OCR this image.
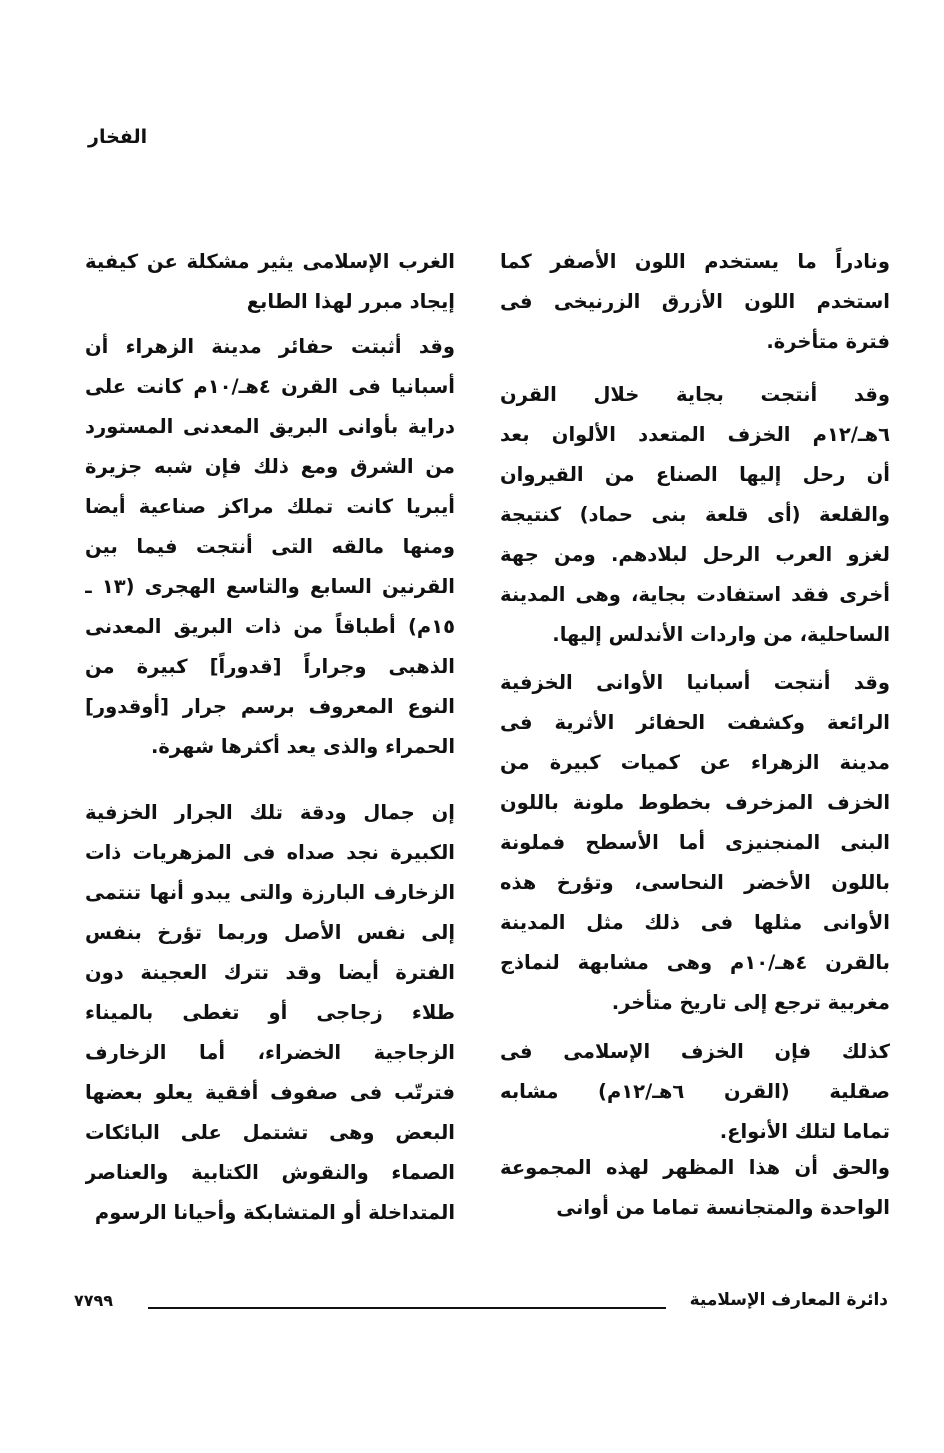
الفخار
ونادراً ما يستخدم اللون الأصفر كما
استخدم اللون الأزرق الزرنيخى فى
فترة متأخرة.
وقد أنتجت بجاية خلال القرن
٦هـ/١٢م الخزف المتعدد الألوان بعد
أن رحل إليها الصناع من القيروان
والقلعة (أى قلعة بنى حماد) كنتيجة
لغزو العرب الرحل لبلادهم. ومن جهة
أخرى فقد استفادت بجاية، وهى المدينة
الساحلية، من واردات الأندلس إليها.
وقد أنتجت أسبانيا الأوانى الخزفية
الرائعة وكشفت الحفائر الأثرية فى
مدينة الزهراء عن كميات كبيرة من
الخزف المزخرف بخطوط ملونة باللون
البنى المنجنيزى أما الأسطح فملونة
باللون الأخضر النحاسى، وتؤرخ هذه
الأوانى مثلها فى ذلك مثل المدينة
بالقرن ٤هـ/١٠م وهى مشابهة لنماذج
مغربية ترجع إلى تاريخ متأخر.
كذلك فإن الخزف الإسلامى فى
صقلية (القرن ٦هـ/١٢م) مشابه
تماما لتلك الأنواع.
والحق أن هذا المظهر لهذه المجموعة
الواحدة والمتجانسة تماما من أوانى
الغرب الإسلامى يثير مشكلة عن كيفية
إيجاد مبرر لهذا الطابع
وقد أثبتت حفائر مدينة الزهراء أن
أسبانيا فى القرن ٤هـ/١٠م كانت على
دراية بأوانى البريق المعدنى المستورد
من الشرق ومع ذلك فإن شبه جزيرة
أيبريا كانت تملك مراكز صناعية أيضا
ومنها مالقه التى أنتجت فيما بين
القرنين السابع والتاسع الهجرى (١٣ ـ
١٥م) أطباقاً من ذات البريق المعدنى
الذهبى وجراراً [قدوراً] كبيرة من
النوع المعروف برسم جرار [أوقدور]
الحمراء والذى يعد أكثرها شهرة.
إن جمال ودقة تلك الجرار الخزفية
الكبيرة نجد صداه فى المزهريات ذات
الزخارف البارزة والتى يبدو أنها تنتمى
إلى نفس الأصل وربما تؤرخ بنفس
الفترة أيضا وقد تترك العجينة دون
طلاء زجاجى أو تغطى بالميناء
الزجاجية الخضراء، أما الزخارف
فترتّب فى صفوف أفقية يعلو بعضها
البعض وهى تشتمل على البائكات
الصماء والنقوش الكتابية والعناصر
المتداخلة أو المتشابكة وأحيانا الرسوم
دائرة المعارف الإسلامية
٧٧٩٩
